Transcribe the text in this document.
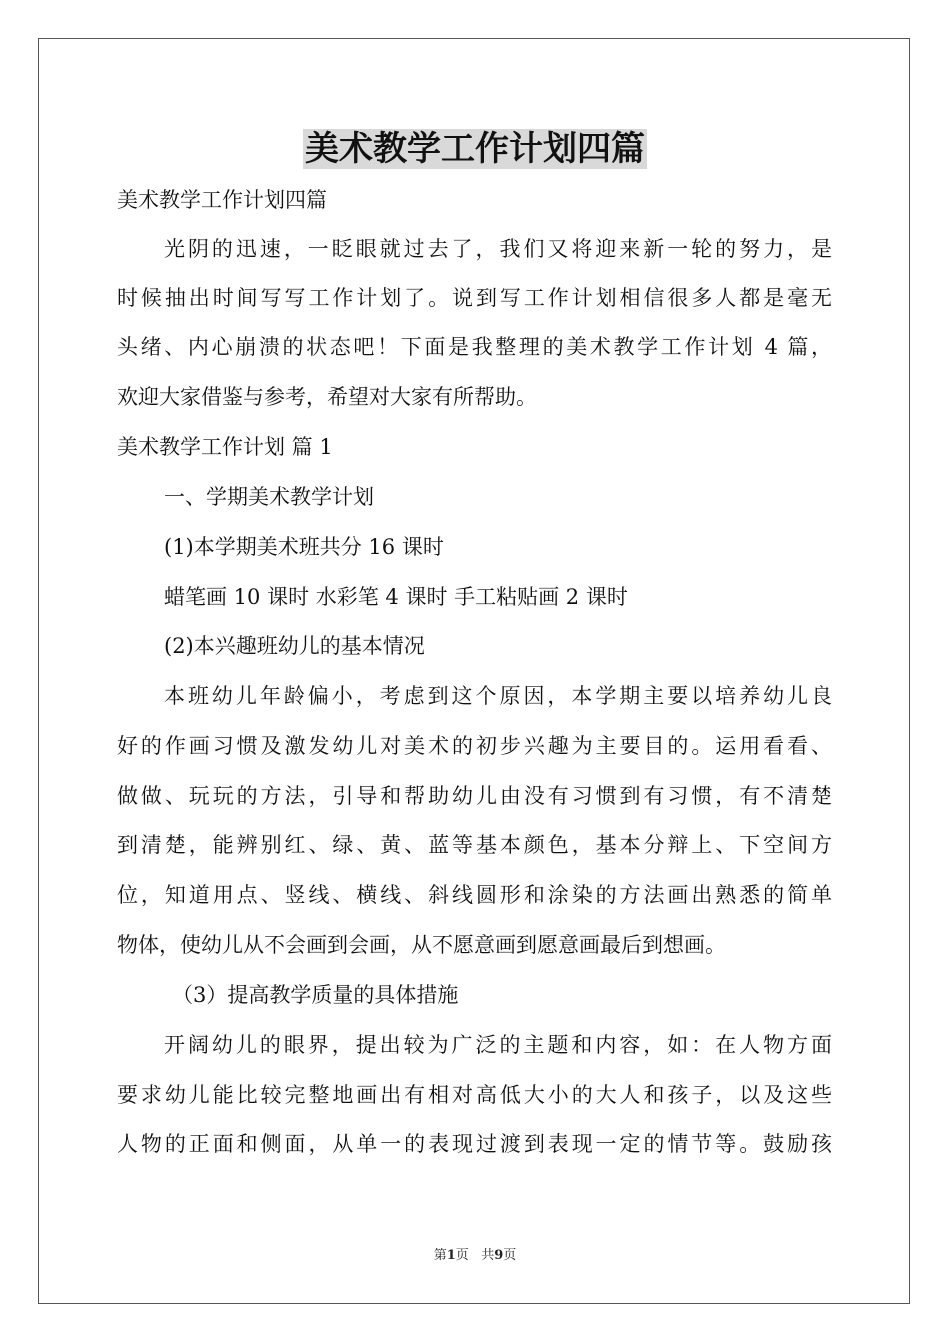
美术教学工作计划四篇

美术教学工作计划四篇

光阴的迅速，一眨眼就过去了，我们又将迎来新一轮的努力，是

时候抽出时间写写工作计划了。说到写工作计划相信很多人都是毫无

头绪、内心崩溃的状态吧！下面是我整理的美术教学工作计划 4 篇，

欢迎大家借鉴与参考，希望对大家有所帮助。

美术教学工作计划 篇 1

一、学期美术教学计划

(1)本学期美术班共分 16 课时

蜡笔画 10 课时 水彩笔 4 课时 手工粘贴画 2 课时

(2)本兴趣班幼儿的基本情况

本班幼儿年龄偏小，考虑到这个原因，本学期主要以培养幼儿良

好的作画习惯及激发幼儿对美术的初步兴趣为主要目的。运用看看、

做做、玩玩的方法，引导和帮助幼儿由没有习惯到有习惯，有不清楚

到清楚，能辨别红、绿、黄、蓝等基本颜色，基本分辩上、下空间方

位，知道用点、竖线、横线、斜线圆形和涂染的方法画出熟悉的简单

物体，使幼儿从不会画到会画，从不愿意画到愿意画最后到想画。

（3）提高教学质量的具体措施

开阔幼儿的眼界，提出较为广泛的主题和内容，如：在人物方面

要求幼儿能比较完整地画出有相对高低大小的大人和孩子，以及这些

人物的正面和侧面，从单一的表现过渡到表现一定的情节等。鼓励孩

第1页 共9页
